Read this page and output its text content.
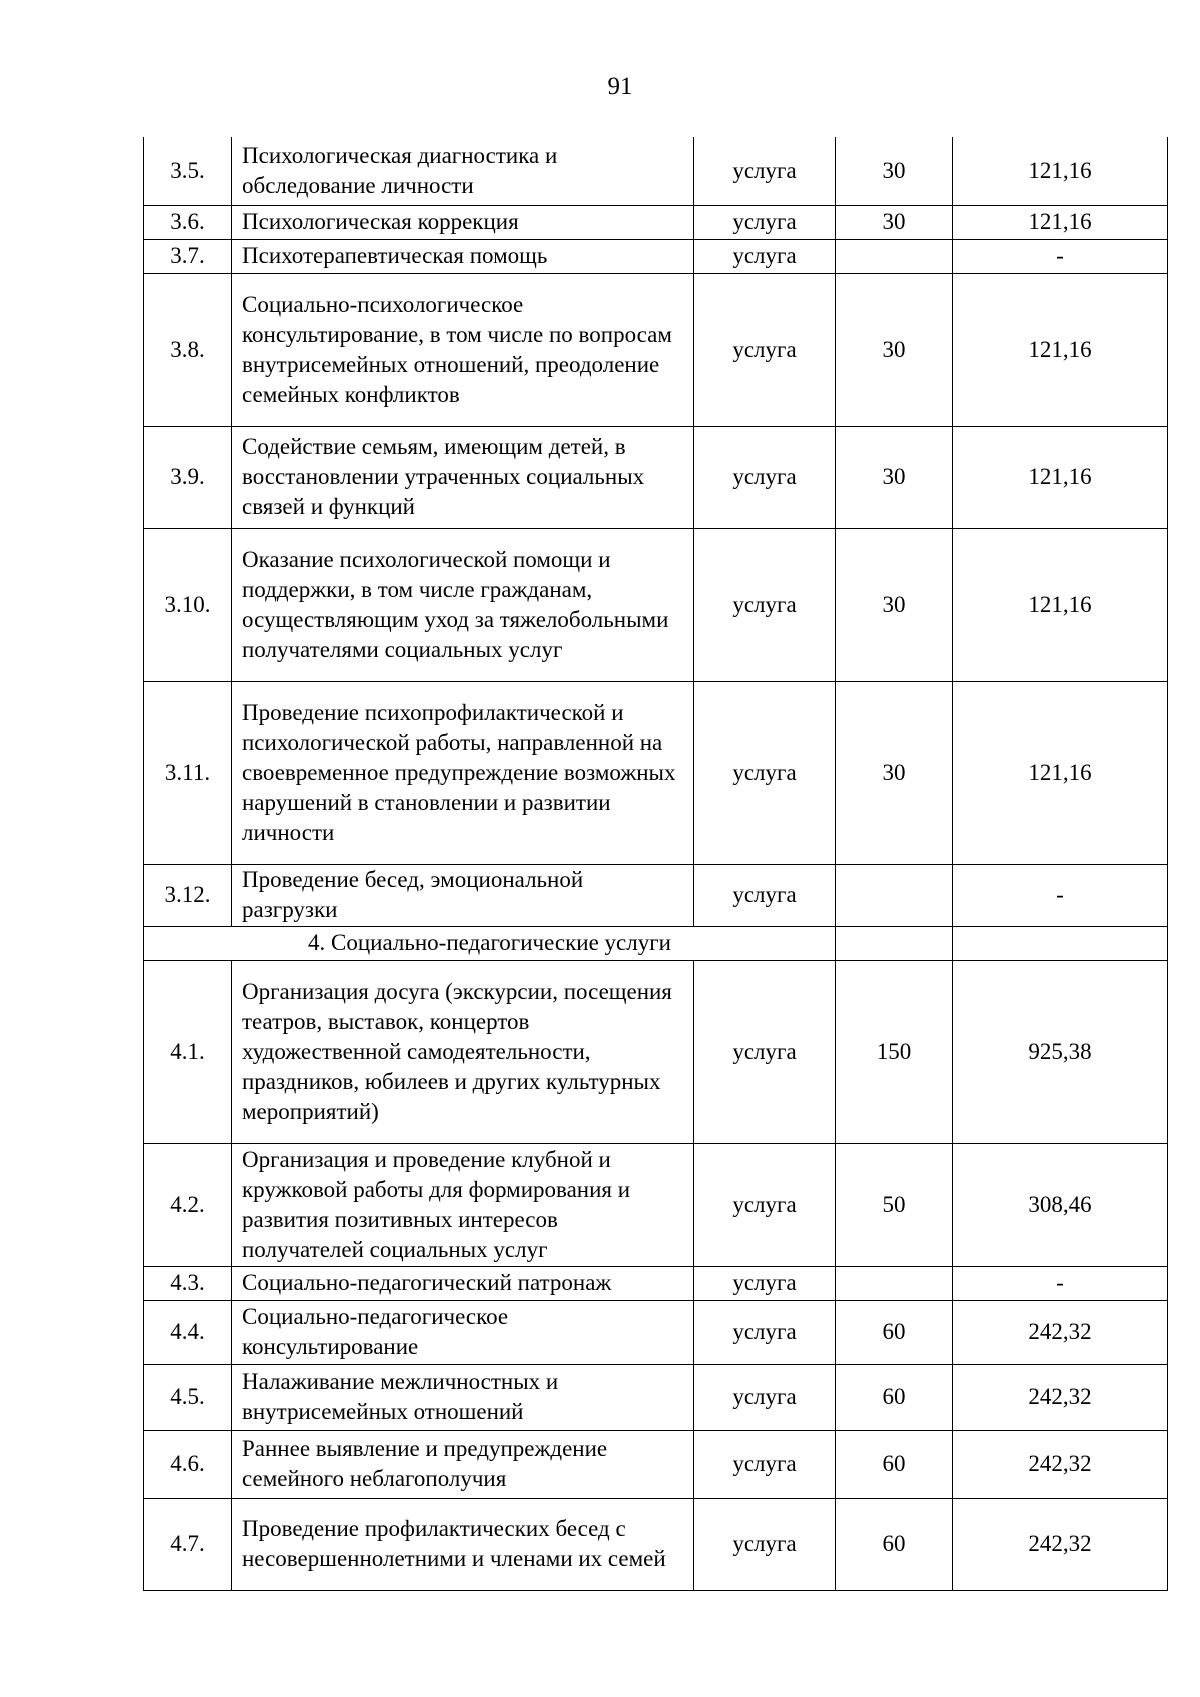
91
3.5.	Психологическая диагностика и обследование личности	услуга	30	121,16
3.6.	Психологическая коррекция	услуга	30	121,16
3.7.	Психотерапевтическая помощь	услуга		-
3.8.	Социально-психологическое консультирование, в том числе по вопросам внутрисемейных отношений, преодоление семейных конфликтов	услуга	30	121,16
3.9.	Содействие семьям, имеющим детей, в восстановлении утраченных социальных связей и функций	услуга	30	121,16
3.10.	Оказание психологической помощи и поддержки, в том числе гражданам, осуществляющим уход за тяжелобольными получателями социальных услуг	услуга	30	121,16
3.11.	Проведение психопрофилактической и психологической работы, направленной на своевременное предупреждение возможных нарушений в становлении и развитии личности	услуга	30	121,16
3.12.	Проведение бесед, эмоциональной разгрузки	услуга		-
4. Социально-педагогические услуги				
4.1.	Организация досуга (экскурсии, посещения театров, выставок, концертов художественной самодеятельности, праздников, юбилеев и других культурных мероприятий)	услуга	150	925,38
4.2.	Организация и проведение клубной и кружковой работы для формирования и развития позитивных интересов получателей социальных услуг	услуга	50	308,46
4.3.	Социально-педагогический патронаж	услуга		-
4.4.	Социально-педагогическое консультирование	услуга	60	242,32
4.5.	Налаживание межличностных и внутрисемейных отношений	услуга	60	242,32
4.6.	Раннее выявление и предупреждение семейного неблагополучия	услуга	60	242,32
4.7.	Проведение профилактических бесед с несовершеннолетними и членами их семей	услуга	60	242,32
